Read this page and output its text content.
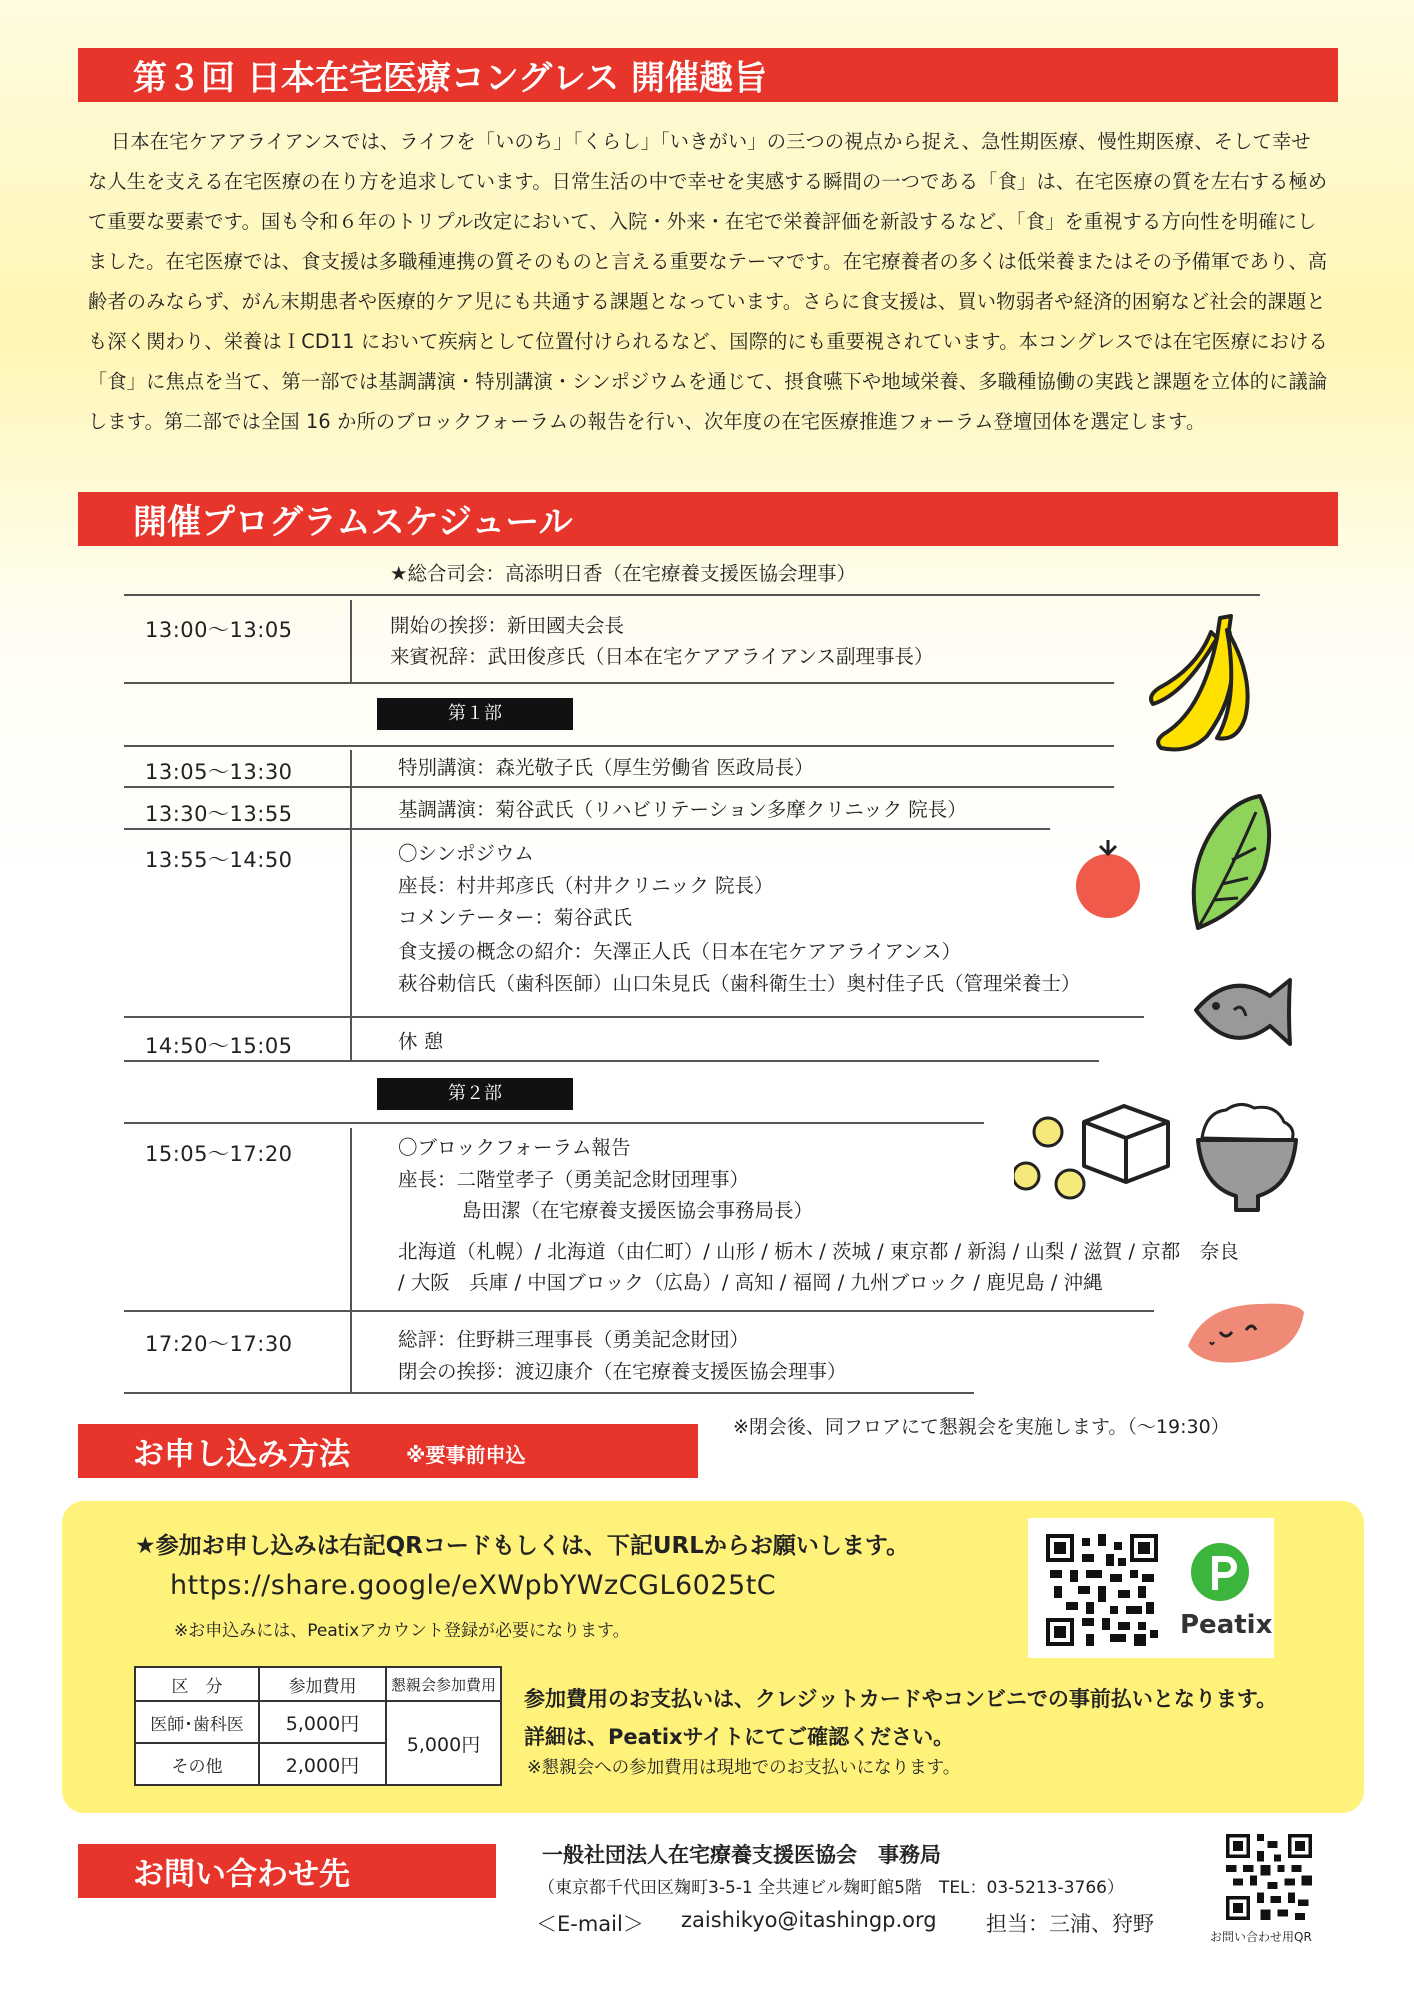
第３回 日本在宅医療コングレス 開催趣旨

日本在宅ケアアライアンスでは、ライフを「いのち」「くらし」「いきがい」の三つの視点から捉え、急性期医療、慢性期医療、そして幸せな人生を支える在宅医療の在り方を追求しています。日常生活の中で幸せを実感する瞬間の一つである「食」は、在宅医療の質を左右する極めて重要な要素です。国も令和６年のトリプル改定において、入院・外来・在宅で栄養評価を新設するなど、「食」を重視する方向性を明確にしました。在宅医療では、食支援は多職種連携の質そのものと言える重要なテーマです。在宅療養者の多くは低栄養またはその予備軍であり、高齢者のみならず、がん末期患者や医療的ケア児にも共通する課題となっています。さらに食支援は、買い物弱者や経済的困窮など社会的課題とも深く関わり、栄養はＩCD11 において疾病として位置付けられるなど、国際的にも重要視されています。本コングレスでは在宅医療における「食」に焦点を当て、第一部では基調講演・特別講演・シンポジウムを通じて、摂食嚥下や地域栄養、多職種協働の実践と課題を立体的に議論します。第二部では全国 16 か所のブロックフォーラムの報告を行い、次年度の在宅医療推進フォーラム登壇団体を選定します。

開催プログラムスケジュール
★総合司会：高添明日香（在宅療養支援医協会理事）
13:00〜13:05	開始の挨拶：新田國夫会長
来賓祝辞：武田俊彦氏（日本在宅ケアアライアンス副理事長）
第１部
13:05〜13:30	特別講演：森光敬子氏（厚生労働省 医政局長）
13:30〜13:55	基調講演：菊谷武氏（リハビリテーション多摩クリニック 院長）
13:55〜14:50	〇シンポジウム
座長：村井邦彦氏（村井クリニック 院長）
コメンテーター：菊谷武氏
食支援の概念の紹介：矢澤正人氏（日本在宅ケアアライアンス）
萩谷勅信氏（歯科医師）山口朱見氏（歯科衛生士）奥村佳子氏（管理栄養士）
14:50〜15:05	休 憩
第２部
15:05〜17:20	〇ブロックフォーラム報告
座長：二階堂孝子（勇美記念財団理事）
島田潔（在宅療養支援医協会事務局長）
北海道（札幌）/ 北海道（由仁町）/ 山形 / 栃木 / 茨城 / 東京都 / 新潟 / 山梨 / 滋賀 / 京都　奈良
/ 大阪　兵庫 / 中国ブロック（広島）/ 高知 / 福岡 / 九州ブロック / 鹿児島 / 沖縄
17:20〜17:30	総評：住野耕三理事長（勇美記念財団）
閉会の挨拶：渡辺康介（在宅療養支援医協会理事）
※閉会後、同フロアにて懇親会を実施します。（〜19:30）
お申し込み方法	※要事前申込
★参加お申し込みは右記QRコードもしくは、下記URLからお願いします。
https://share.google/eXWpbYWzCGL6025tC
※お申込みには、Peatixアカウント登録が必要になります。	Peatix
区　分	参加費用	懇親会参加費用
医師･歯科医	5,000円	5,000円
その他	2,000円	
参加費用のお支払いは、クレジットカードやコンビニでの事前払いとなります。
詳細は、Peatixサイトにてご確認ください。
※懇親会への参加費用は現地でのお支払いになります。
お問い合わせ先
一般社団法人在宅療養支援医協会　事務局
（東京都千代田区麹町3-5-1 全共連ビル麹町館5階　TEL：03-5213-3766）
＜E-mail＞ zaishikyo@itashingp.org 担当：三浦、狩野
お問い合わせ用QR
